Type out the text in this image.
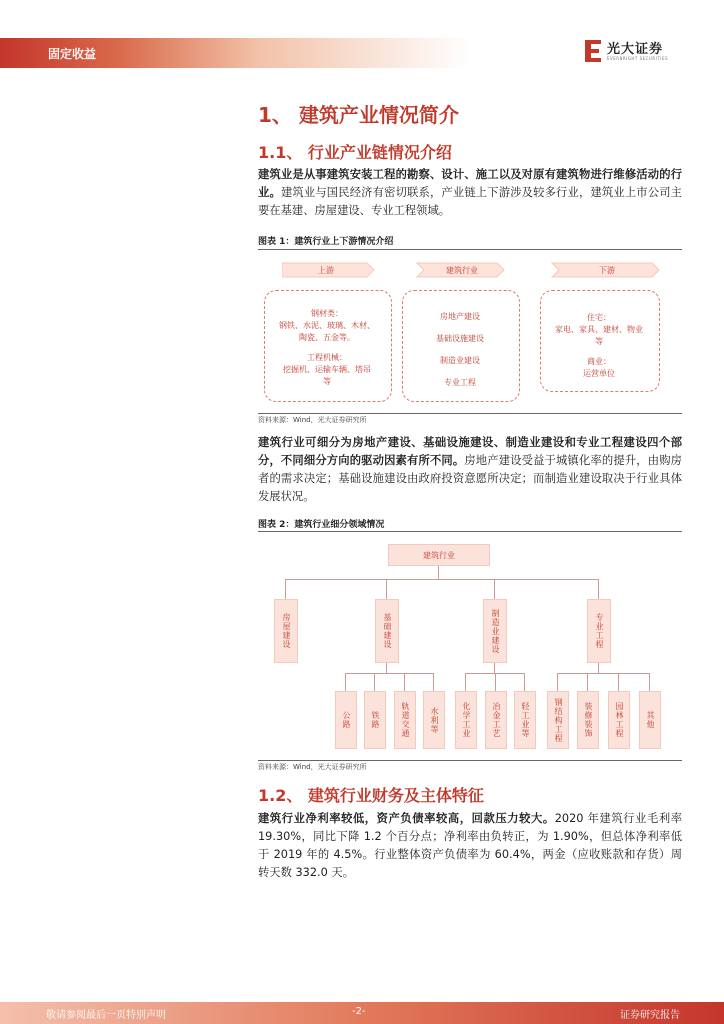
固定收益	光大证券
EVERBRIGHT SECURITIES
1、 建筑产业情况简介
1.1、 行业产业链情况介绍

建筑业是从事建筑安装工程的勘察、设计、施工以及对原有建筑物进行维修活动的行业。建筑业与国民经济有密切联系，产业链上下游涉及较多行业，建筑业上市公司主要在基建、房屋建设、专业工程领域。

图表 1：建筑行业上下游情况介绍
上游	建筑行业	下游
钢材类：
钢铁、水泥、玻璃、木材、
陶瓷、五金等。
工程机械：
挖掘机、运输车辆、塔吊
等
房地产建设
基础设施建设
制造业建设
专业工程
住宅：
家电、家具、建材、物业
等
商业：
运营单位
资料来源：Wind，光大证券研究所

建筑行业可细分为房地产建设、基础设施建设、制造业建设和专业工程建设四个部分，不同细分方向的驱动因素有所不同。房地产建设受益于城镇化率的提升，由购房者的需求决定；基础设施建设由政府投资意愿所决定；而制造业建设取决于行业具体发展状况。

图表 2：建筑行业细分领域情况
建筑行业
房屋建设	基础建设	制造业建设	专业工程
公路	铁路	轨道交通	水利等	化学工业	冶金工艺	轻工业等	钢结构工程	装修装饰	园林工程	其他
资料来源：Wind，光大证券研究所
1.2、 建筑行业财务及主体特征

建筑行业净利率较低，资产负债率较高，回款压力较大。2020 年建筑行业毛利率 19.30%，同比下降 1.2 个百分点；净利率由负转正，为 1.90%，但总体净利率低于 2019 年的 4.5%。行业整体资产负债率为 60.4%，两金（应收账款和存货）周转天数 332.0 天。

敬请参阅最后一页特别声明	-2-	证券研究报告
